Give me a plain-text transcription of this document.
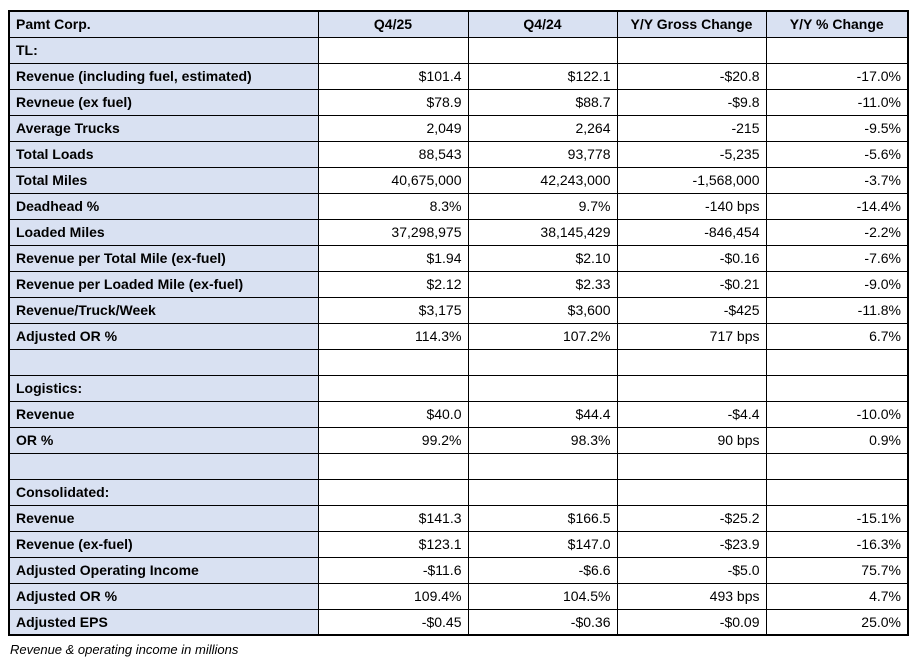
Pamt Corp.	Q4/25	Q4/24	Y/Y Gross Change	Y/Y % Change
TL:				
Revenue (including fuel, estimated)	$101.4	$122.1	-$20.8	-17.0%
Revneue (ex fuel)	$78.9	$88.7	-$9.8	-11.0%
Average Trucks	2,049	2,264	-215	-9.5%
Total Loads	88,543	93,778	-5,235	-5.6%
Total Miles	40,675,000	42,243,000	-1,568,000	-3.7%
Deadhead %	8.3%	9.7%	-140 bps	-14.4%
Loaded Miles	37,298,975	38,145,429	-846,454	-2.2%
Revenue per Total Mile (ex-fuel)	$1.94	$2.10	-$0.16	-7.6%
Revenue per Loaded Mile (ex-fuel)	$2.12	$2.33	-$0.21	-9.0%
Revenue/Truck/Week	$3,175	$3,600	-$425	-11.8%
Adjusted OR %	114.3%	107.2%	717 bps	6.7%

Logistics:				
Revenue	$40.0	$44.4	-$4.4	-10.0%
OR %	99.2%	98.3%	90 bps	0.9%

Consolidated:				
Revenue	$141.3	$166.5	-$25.2	-15.1%
Revenue (ex-fuel)	$123.1	$147.0	-$23.9	-16.3%
Adjusted Operating Income	-$11.6	-$6.6	-$5.0	75.7%
Adjusted OR %	109.4%	104.5%	493 bps	4.7%
Adjusted EPS	-$0.45	-$0.36	-$0.09	25.0%
Revenue & operating income in millions
